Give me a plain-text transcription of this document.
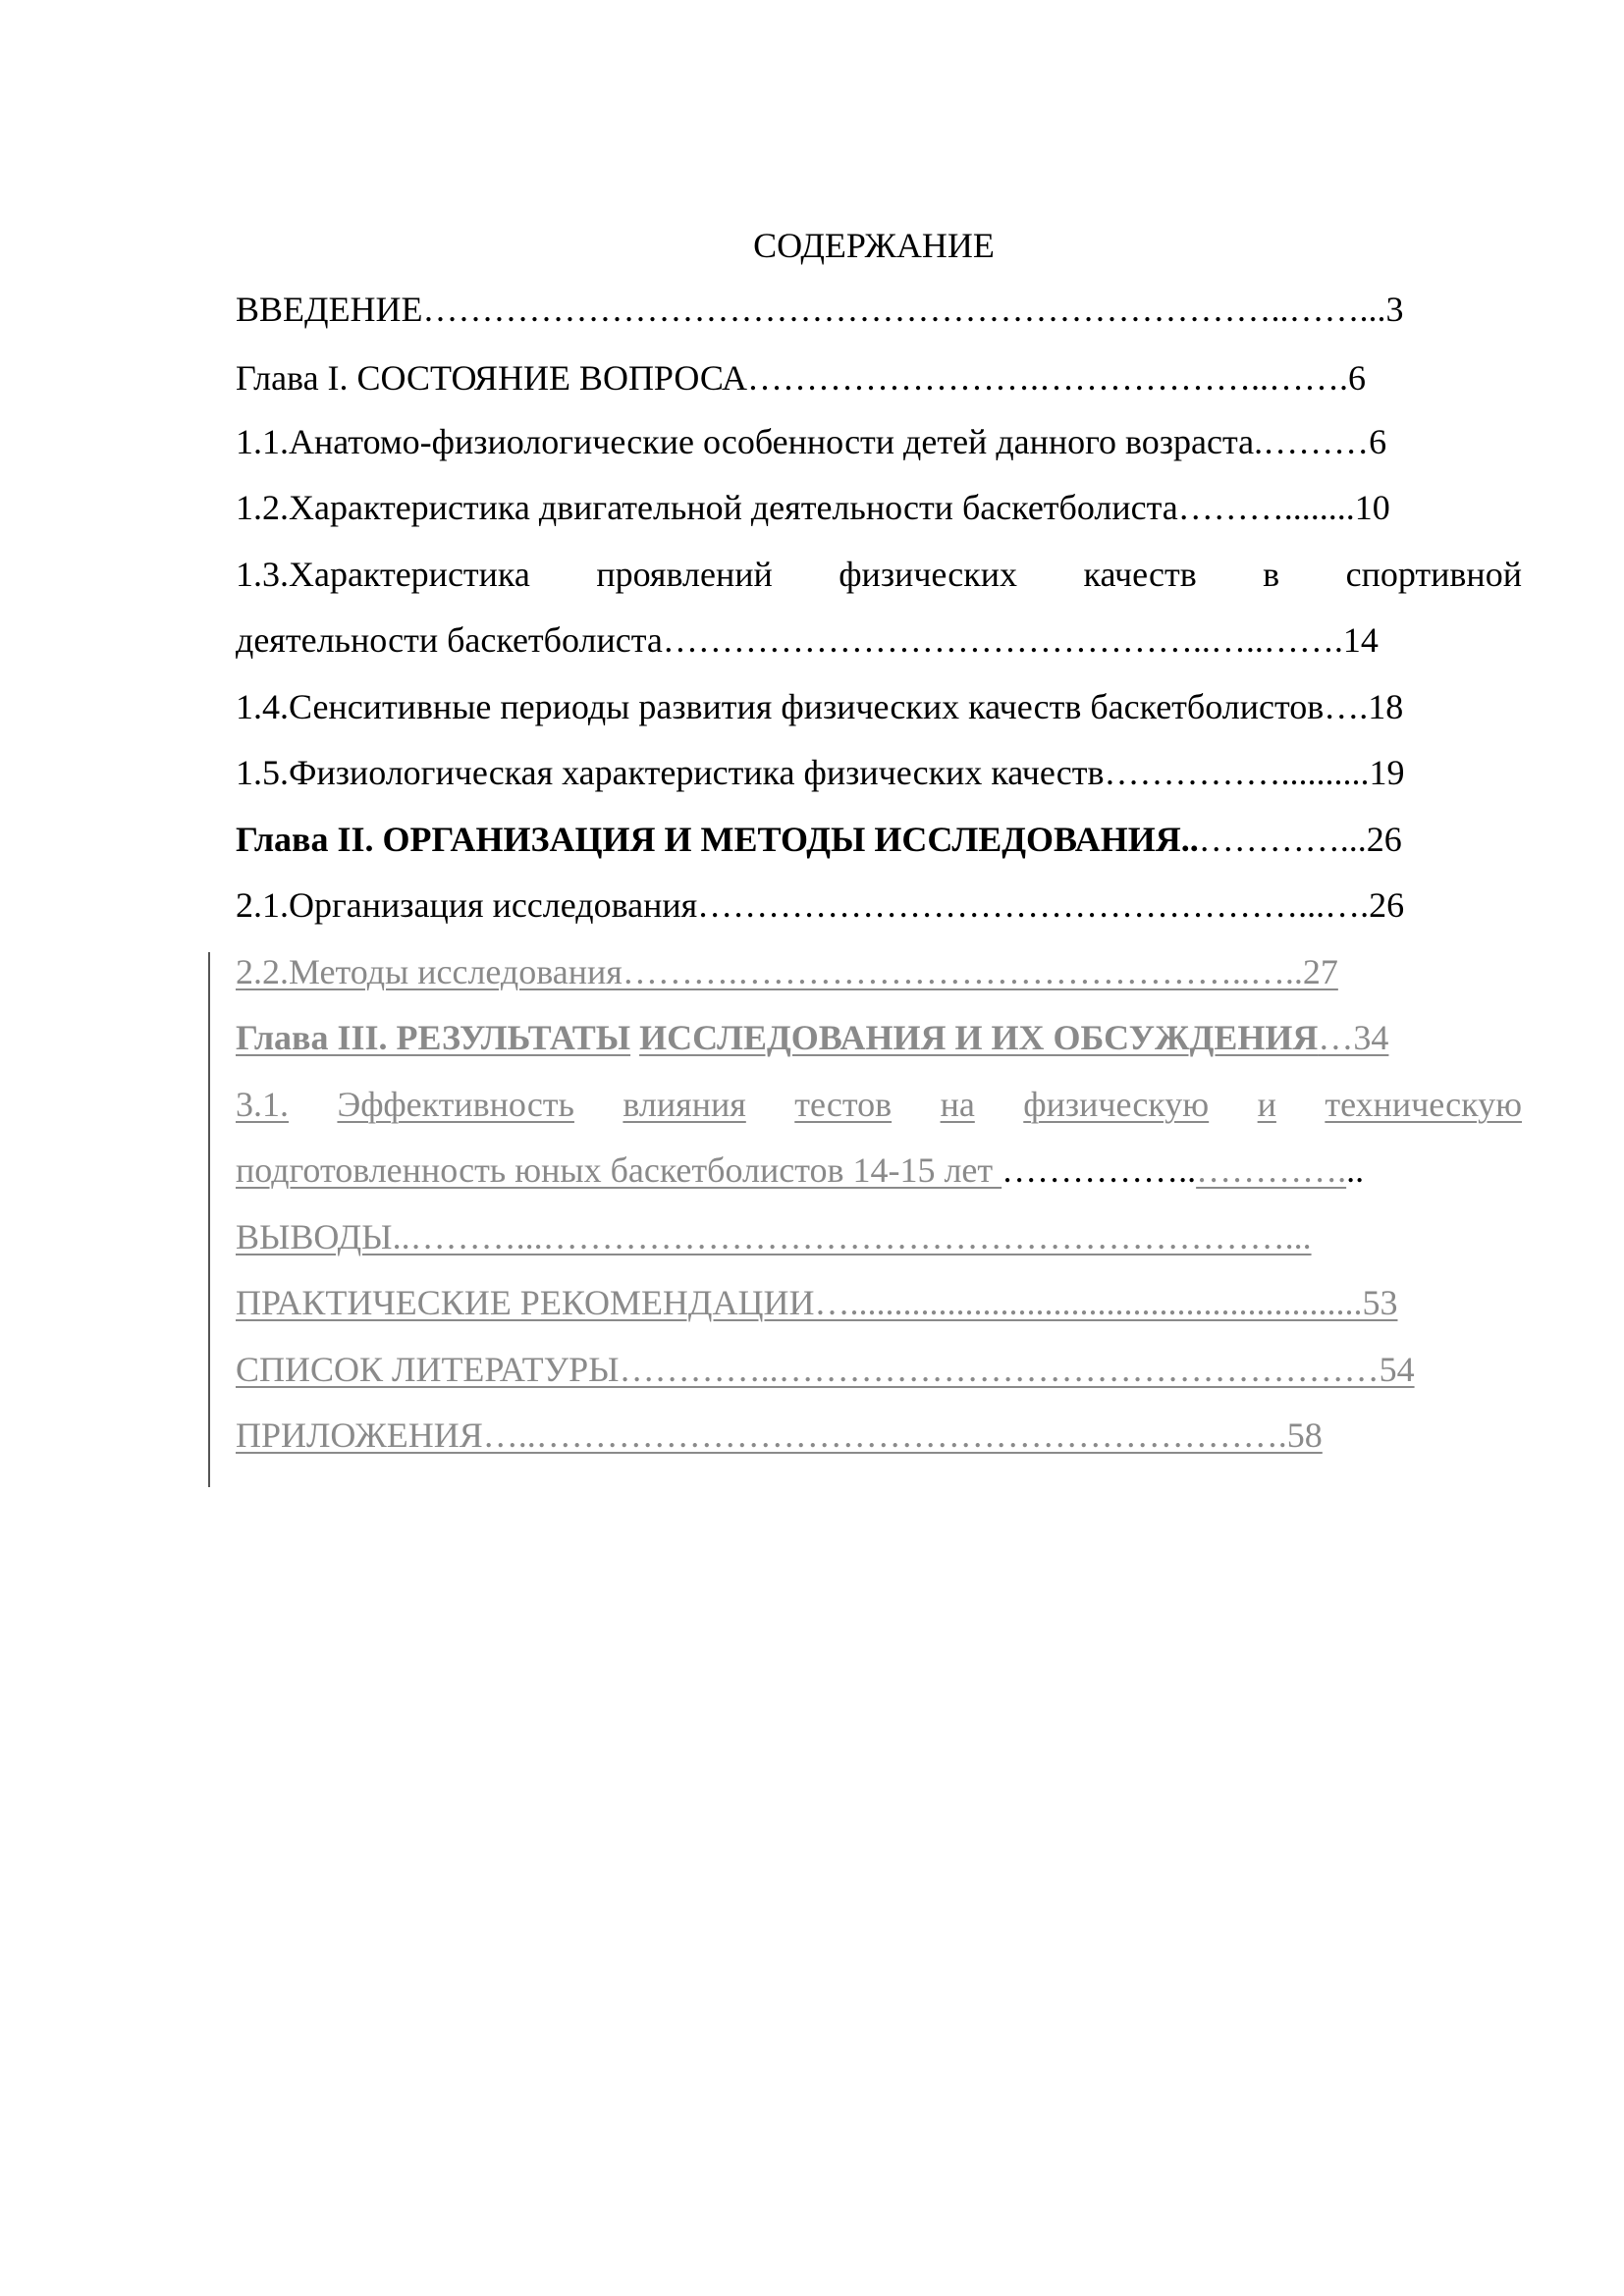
СОДЕРЖАНИЕ
ВВЕДЕНИЕ………………………………………………………………..……...3
Глава I. СОСТОЯНИЕ ВОПРОСА…………………….………………..…….6
1.1.Анатомо-физиологические особенности детей данного возраста.………6
1.2.Характеристика двигательной деятельности баскетболиста………........10
1.3.Характеристика проявлений физических качеств в спортивной
деятельности баскетболиста………………………………………..…..…….14
1.4.Сенситивные периоды развития физических качеств баскетболистов….18
1.5.Физиологическая характеристика физических качеств……………..........19
Глава II. ОРГАНИЗАЦИЯ И МЕТОДЫ ИССЛЕДОВАНИЯ..…………...26
2.1.Организация исследования……………………………………………...….26
2.2.Методы исследования……….……………………………………..…..27
Глава III. РЕЗУЛЬТАТЫ ИССЛЕДОВАНИЯ И ИХ ОБСУЖДЕНИЯ…34
3.1. Эффективность влияния тестов на физическую и техническую
подготовленность юных баскетболистов 14-15 лет ……………..…………...
ВЫВОДЫ..………...………………………………………………………...
ПРАКТИЧЕСКИЕ РЕКОМЕНДАЦИИ…..........................................................53
СПИСОК ЛИТЕРАТУРЫ…………..……………………………………………54
ПРИЛОЖЕНИЯ…..……………………………………………………….58
